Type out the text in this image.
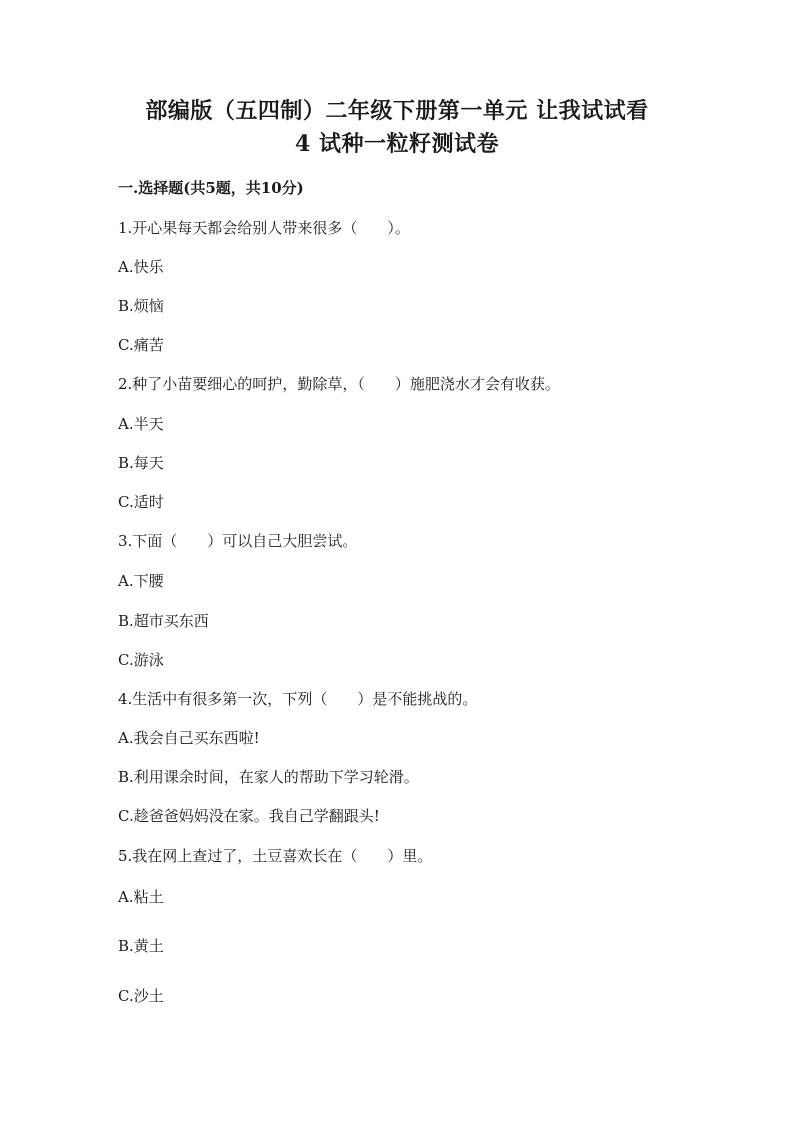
部编版（五四制）二年级下册第一单元 让我试试看
4 试种一粒籽测试卷
一.选择题(共5题，共10分)
1.开心果每天都会给别人带来很多（　　）。
A.快乐
B.烦恼
C.痛苦
2.种了小苗要细心的呵护，勤除草，（　　）施肥浇水才会有收获。
A.半天
B.每天
C.适时
3.下面（　　）可以自己大胆尝试。
A.下腰
B.超市买东西
C.游泳
4.生活中有很多第一次，下列（　　）是不能挑战的。
A.我会自己买东西啦!
B.利用课余时间，在家人的帮助下学习轮滑。
C.趁爸爸妈妈没在家。我自己学翻跟头!
5.我在网上查过了，土豆喜欢长在（　　）里。
A.粘土
B.黄土
C.沙土
